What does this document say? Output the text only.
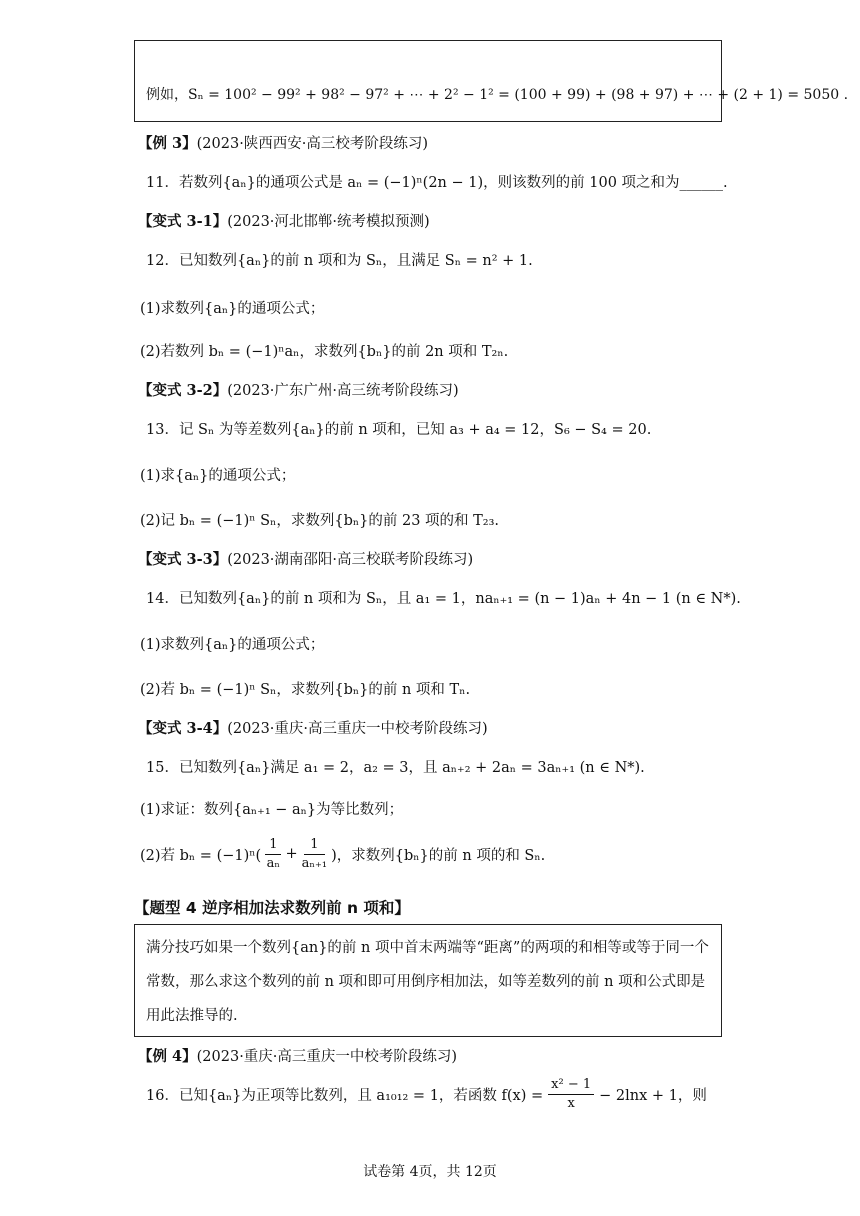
例如，Sₙ = 100² − 99² + 98² − 97² + ⋯ + 2² − 1² = (100 + 99) + (98 + 97) + ⋯ + (2 + 1) = 5050 .
【例 3】(2023·陕西西安·高三校考阶段练习)
11．若数列{aₙ}的通项公式是 aₙ = (−1)ⁿ(2n − 1)，则该数列的前 100 项之和为______.
【变式 3-1】(2023·河北邯郸·统考模拟预测)
12．已知数列{aₙ}的前 n 项和为 Sₙ，且满足 Sₙ = n² + 1.
(1)求数列{aₙ}的通项公式；
(2)若数列 bₙ = (−1)ⁿaₙ，求数列{bₙ}的前 2n 项和 T₂ₙ.
【变式 3-2】(2023·广东广州·高三统考阶段练习)
13．记 Sₙ 为等差数列{aₙ}的前 n 项和，已知 a₃ + a₄ = 12，S₆ − S₄ = 20.
(1)求{aₙ}的通项公式；
(2)记 bₙ = (−1)ⁿ Sₙ，求数列{bₙ}的前 23 项的和 T₂₃.
【变式 3-3】(2023·湖南邵阳·高三校联考阶段练习)
14．已知数列{aₙ}的前 n 项和为 Sₙ，且 a₁ = 1，naₙ₊₁ = (n − 1)aₙ + 4n − 1 (n ∈ N*).
(1)求数列{aₙ}的通项公式；
(2)若 bₙ = (−1)ⁿ Sₙ，求数列{bₙ}的前 n 项和 Tₙ.
【变式 3-4】(2023·重庆·高三重庆一中校考阶段练习)
15．已知数列{aₙ}满足 a₁ = 2，a₂ = 3，且 aₙ₊₂ + 2aₙ = 3aₙ₊₁ (n ∈ N*).
(1)求证：数列{aₙ₊₁ − aₙ}为等比数列；
(2)若 $b_n = (-1)^n( \frac{1}{\text{aₙ}} + \frac{1}{\text{aₙ₊₁}}$ )，求数列{bₙ}的前 n 项的和 Sₙ.
【题型 4 逆序相加法求数列前 n 项和】
满分技巧如果一个数列{an}的前 n 项中首末两端等“距离”的两项的和相等或等于同一个
常数，那么求这个数列的前 n 项和即可用倒序相加法，如等差数列的前 n 项和公式即是
用此法推导的.
【例 4】(2023·重庆·高三重庆一中校考阶段练习)
16．已知{aₙ}为正项等比数列，且 a₁₀₁₂ = 1，若函数 $f(x) = \frac{\text{x² − 1}}{x} - 2\ln x + 1$，则
试卷第 4页，共 12页
